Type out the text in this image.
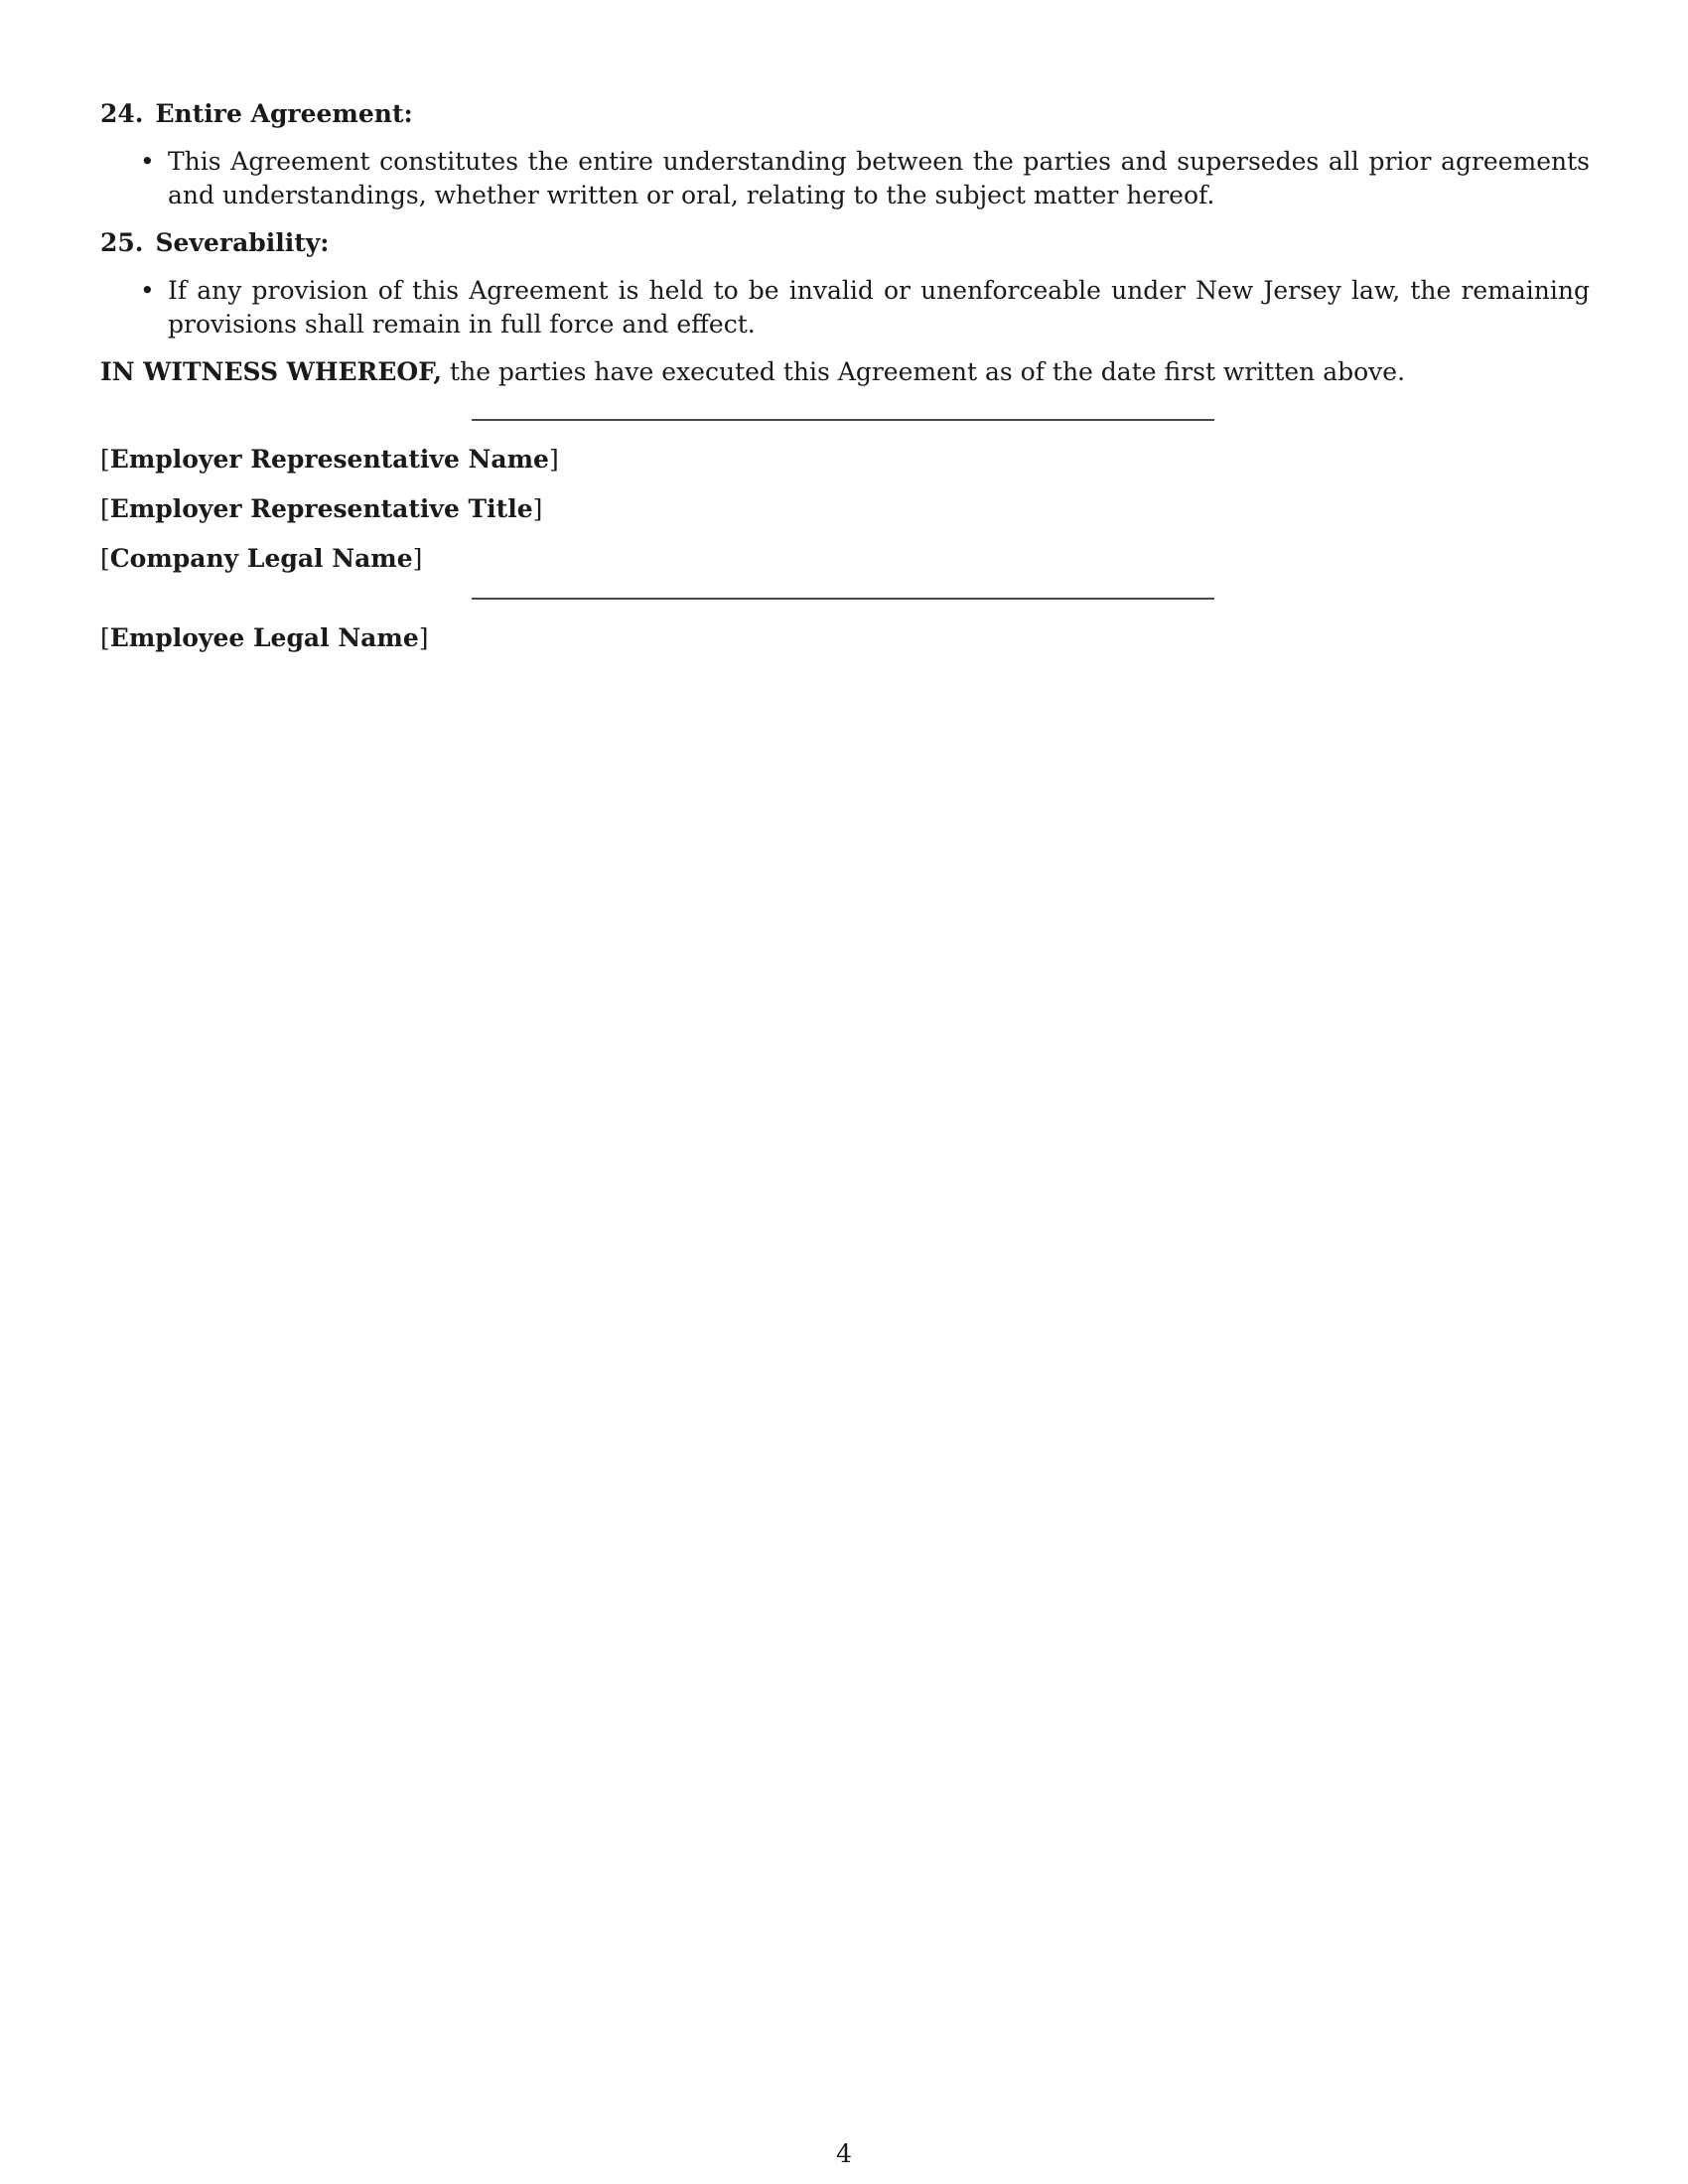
24. Entire Agreement:
• This Agreement constitutes the entire understanding between the parties and supersedes all prior agreements and understandings, whether written or oral, relating to the subject matter hereof.
25. Severability:
• If any provision of this Agreement is held to be invalid or unenforceable under New Jersey law, the remaining provisions shall remain in full force and effect.

IN WITNESS WHEREOF, the parties have executed this Agreement as of the date first written above.

[Employer Representative Name]

[Employer Representative Title]

[Company Legal Name]

[Employee Legal Name]

4
